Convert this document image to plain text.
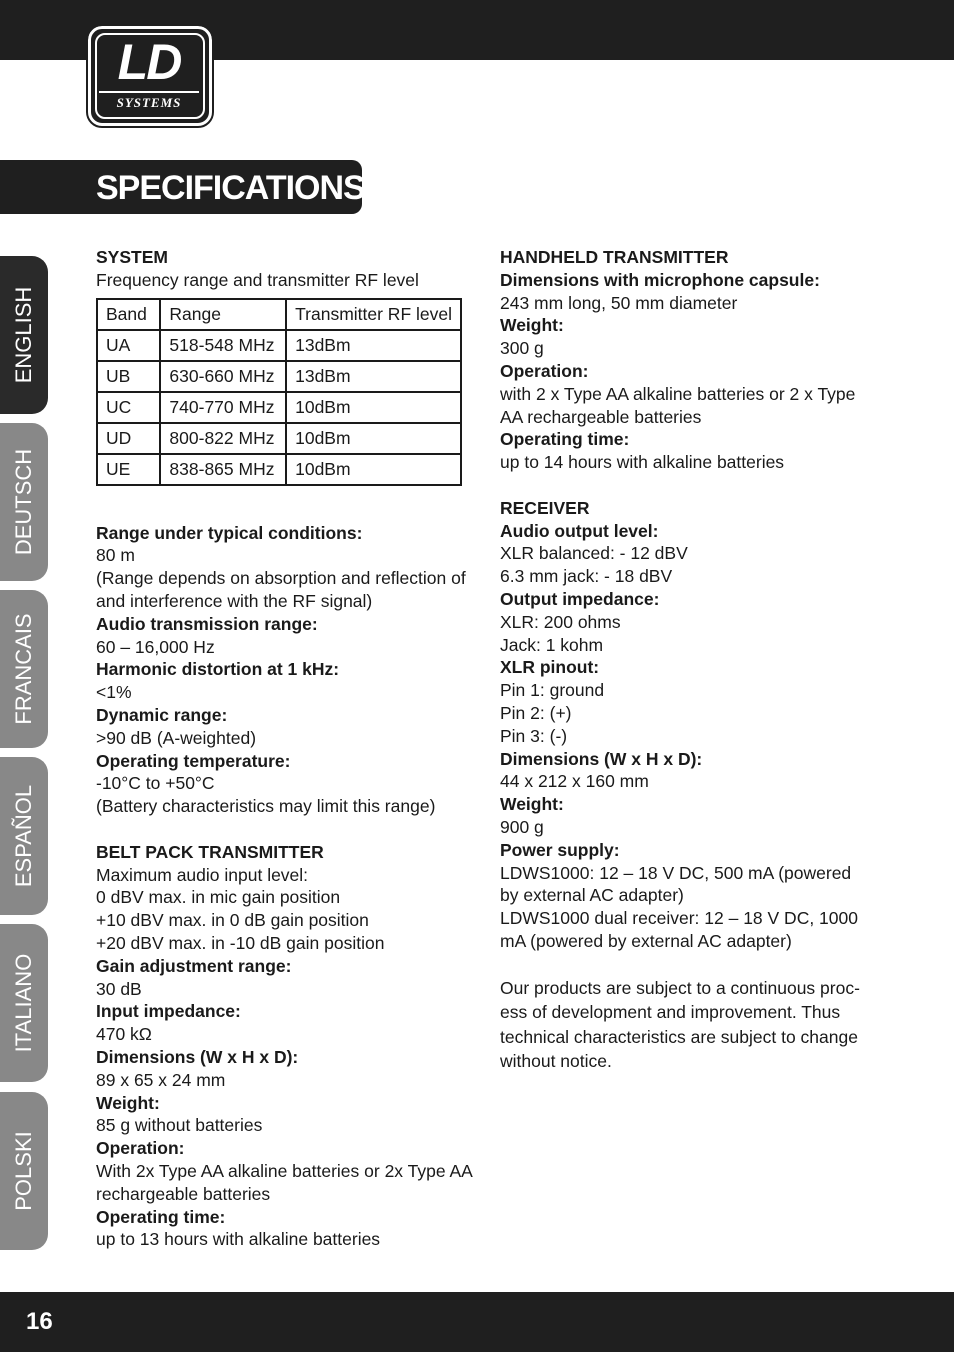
LD
SYSTEMS
SPECIFICATIONS:
ENGLISH
DEUTSCH
FRANCAIS
ESPAÑOL
ITALIANO
POLSKI
SYSTEM
Frequency range and transmitter RF level
Band	Range	Transmitter RF level
UA	518-548 MHz	13dBm
UB	630-660 MHz	13dBm
UC	740-770 MHz	10dBm
UD	800-822 MHz	10dBm
UE	838-865 MHz	10dBm
Range under typical conditions:
80 m
(Range depends on absorption and reflection of
and interference with the RF signal)
Audio transmission range:
60 – 16,000 Hz
Harmonic distortion at 1 kHz:
<1%
Dynamic range:
>90 dB (A-weighted)
Operating temperature:
-10°C to +50°C
(Battery characteristics may limit this range)
BELT PACK TRANSMITTER
Maximum audio input level:
0 dBV max. in mic gain position
+10 dBV max. in 0 dB gain position
+20 dBV max. in -10 dB gain position
Gain adjustment range:
30 dB
Input impedance:
470 kΩ
Dimensions (W x H x D):
89 x 65 x 24 mm
Weight:
85 g without batteries
Operation:
With 2x Type AA alkaline batteries or 2x Type AA
rechargeable batteries
Operating time:
up to 13 hours with alkaline batteries
HANDHELD TRANSMITTER
Dimensions with microphone capsule:
243 mm long, 50 mm diameter
Weight:
300 g
Operation:
with 2 x Type AA alkaline batteries or 2 x Type
AA rechargeable batteries
Operating time:
up to 14 hours with alkaline batteries
RECEIVER
Audio output level:
XLR balanced: - 12 dBV
6.3 mm jack: - 18 dBV
Output impedance:
XLR: 200 ohms
Jack: 1 kohm
XLR pinout:
Pin 1: ground
Pin 2: (+)
Pin 3: (-)
Dimensions (W x H x D):
44 x 212 x 160 mm
Weight:
900 g
Power supply:
LDWS1000: 12 – 18 V DC, 500 mA (powered
by external AC adapter)
LDWS1000 dual receiver: 12 – 18 V DC, 1000
mA (powered by external AC adapter)
Our products are subject to a continuous proc-
ess of development and improvement. Thus
technical characteristics are subject to change
without notice.
16
